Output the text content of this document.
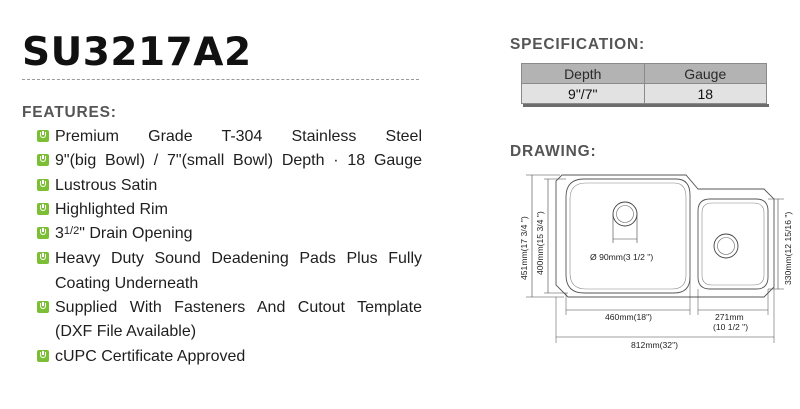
SU3217A2
FEATURES:
Premium Grade T-304 Stainless Steel
9"(big Bowl) / 7"(small Bowl) Depth · 18 Gauge
Lustrous Satin
Highlighted Rim
$3^{1/2}$" Drain Opening
Heavy Duty Sound Deadening Pads Plus Fully
Coating Underneath
Supplied With Fasteners And Cutout Template
(DXF File Available)
cUPC Certificate Approved
SPECIFICATION:
Depth	Gauge
9"/7"	18
DRAWING:
Ø 90mm(3 1/2 ")
451mm(17 3/4 ") 400mm(15 3/4 ")	330mm(12 15/16 ")
460mm(18")	271mm
(10 1/2 ")
812mm(32")
